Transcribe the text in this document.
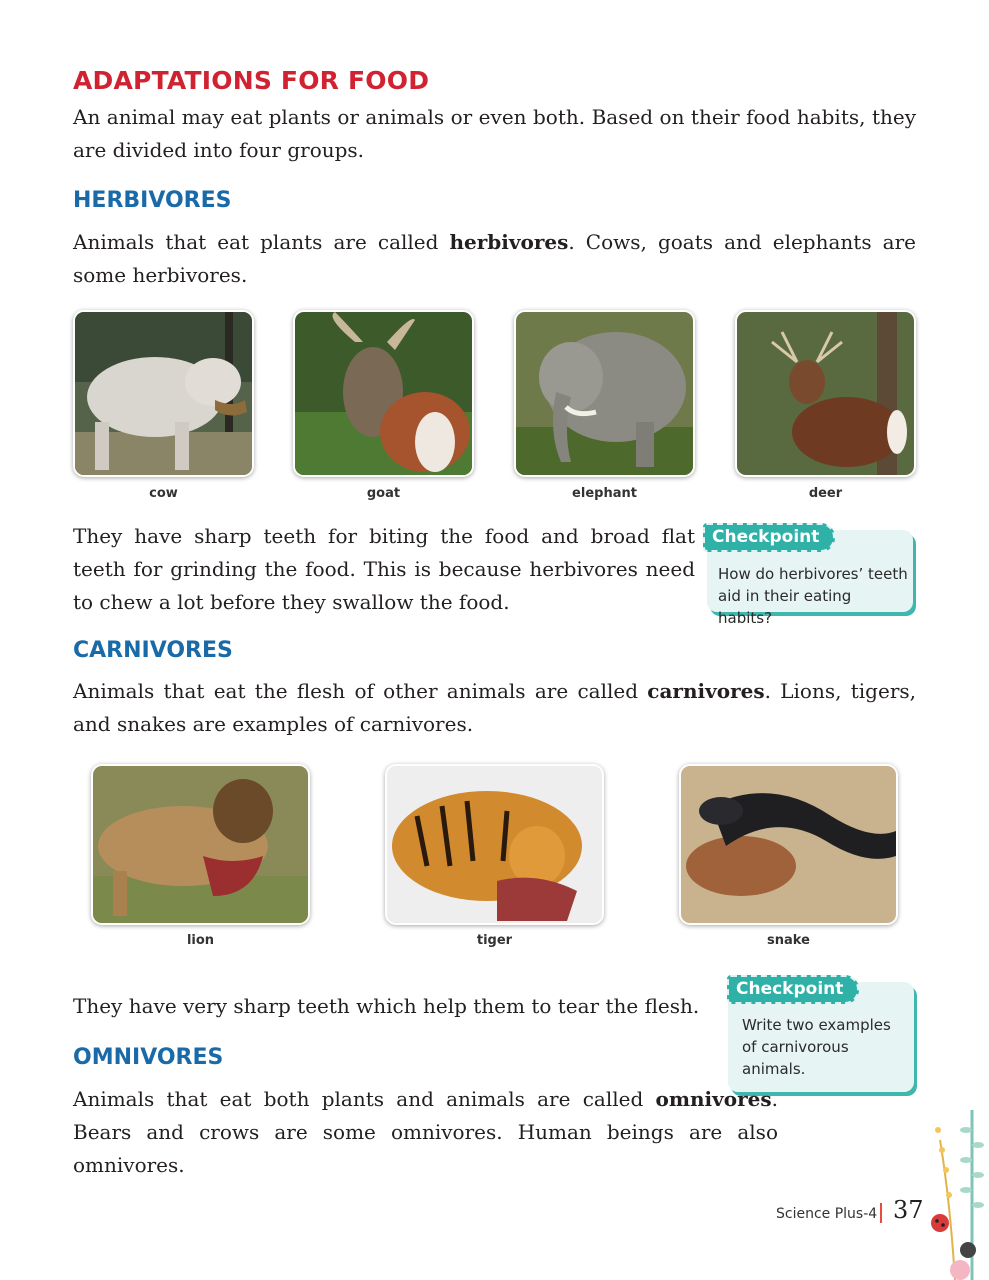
ADAPTATIONS FOR FOOD
An animal may eat plants or animals or even both. Based on their food habits, they are divided into four groups.
HERBIVORES
Animals that eat plants are called herbivores. Cows, goats and elephants are some herbivores.
cow	goat	elephant	deer
They have sharp teeth for biting the food and broad flat teeth for grinding the food. This is because herbivores need to chew a lot before they swallow the food.
Checkpoint
How do herbivores’ teeth aid in their eating habits?
CARNIVORES
Animals that eat the flesh of other animals are called carnivores. Lions, tigers, and snakes are examples of carnivores.
lion	tiger	snake
They have very sharp teeth which help them to tear the flesh.
Checkpoint
Write two examples of carnivorous animals.
OMNIVORES
Animals that eat both plants and animals are called omnivores. Bears and crows are some omnivores. Human beings are also omnivores.
Science Plus-4 37
